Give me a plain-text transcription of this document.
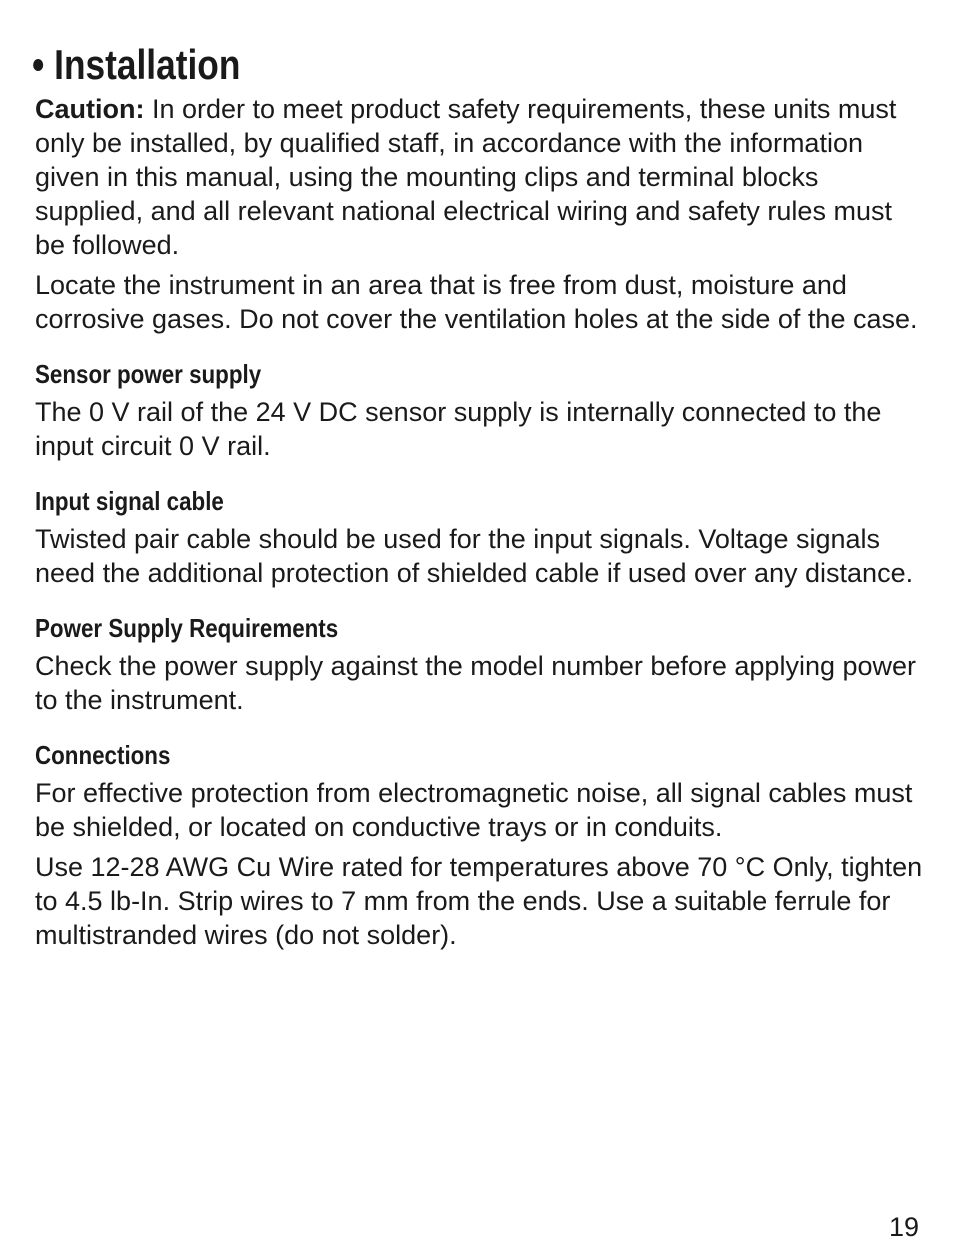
• Installation

Caution: In order to meet product safety requirements, these units must only be installed, by qualified staff, in accordance with the information given in this manual, using the mounting clips and terminal blocks supplied, and all relevant national electrical wiring and safety rules must be followed.

Locate the instrument in an area that is free from dust, moisture and corrosive gases. Do not cover the ventilation holes at the side of the case.

Sensor power supply

The 0 V rail of the 24 V DC sensor supply is internally connected to the input circuit 0 V rail.

Input signal cable

Twisted pair cable should be used for the input signals. Voltage signals need the additional protection of shielded cable if used over any distance.

Power Supply Requirements

Check the power supply against the model number before applying power to the instrument.

Connections

For effective protection from electromagnetic noise, all signal cables must be shielded, or located on conductive trays or in conduits.

Use 12-28 AWG Cu Wire rated for temperatures above 70 °C Only, tighten to 4.5 lb-In. Strip wires to 7 mm from the ends. Use a suitable ferrule for multistranded wires (do not solder).

19
